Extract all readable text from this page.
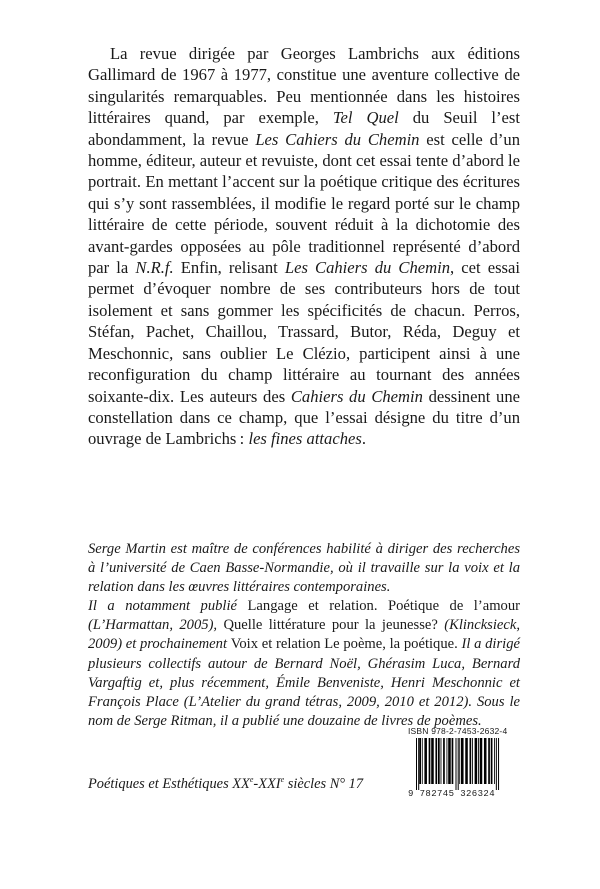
La revue dirigée par Georges Lambrichs aux éditions Gallimard de 1967 à 1977, constitue une aventure collective de singularités remarquables. Peu mentionnée dans les histoires littéraires quand, par exemple, Tel Quel du Seuil l’est abondamment, la revue Les Cahiers du Chemin est celle d’un homme, éditeur, auteur et revuiste, dont cet essai tente d’abord le portrait. En mettant l’accent sur la poétique critique des écritures qui s’y sont rassemblées, il modifie le regard porté sur le champ littéraire de cette période, souvent réduit à la dichotomie des avant-gardes opposées au pôle traditionnel représenté d’abord par la N.R.f. Enfin, relisant Les Cahiers du Chemin, cet essai permet d’évoquer nombre de ses contributeurs hors de tout isolement et sans gommer les spécificités de chacun. Perros, Stéfan, Pachet, Chaillou, Trassard, Butor, Réda, Deguy et Meschonnic, sans oublier Le Clézio, participent ainsi à une reconfiguration du champ littéraire au tournant des années soixante-dix. Les auteurs des Cahiers du Chemin dessinent une constellation dans ce champ, que l’essai désigne du titre d’un ouvrage de Lambrichs : les fines attaches.

Serge Martin est maître de conférences habilité à diriger des recherches à l’université de Caen Basse-Normandie, où il travaille sur la voix et la relation dans les œuvres littéraires contemporaines.

Il a notamment publié Langage et relation. Poétique de l’amour (L’Harmattan, 2005), Quelle littérature pour la jeunesse? (Klincksieck, 2009) et prochainement Voix et relation Le poème, la poétique. Il a dirigé plusieurs collectifs autour de Bernard Noël, Ghérasim Luca, Bernard Vargaftig et, plus récemment, Émile Benveniste, Henri Meschonnic et François Place (L’Atelier du grand tétras, 2009, 2010 et 2012). Sous le nom de Serge Ritman, il a publié une douzaine de livres de poèmes.

ISBN 978-2-7453-2632-4
9 782745 326324
Poétiques et Esthétiques XXe-XXIe siècles N° 17
